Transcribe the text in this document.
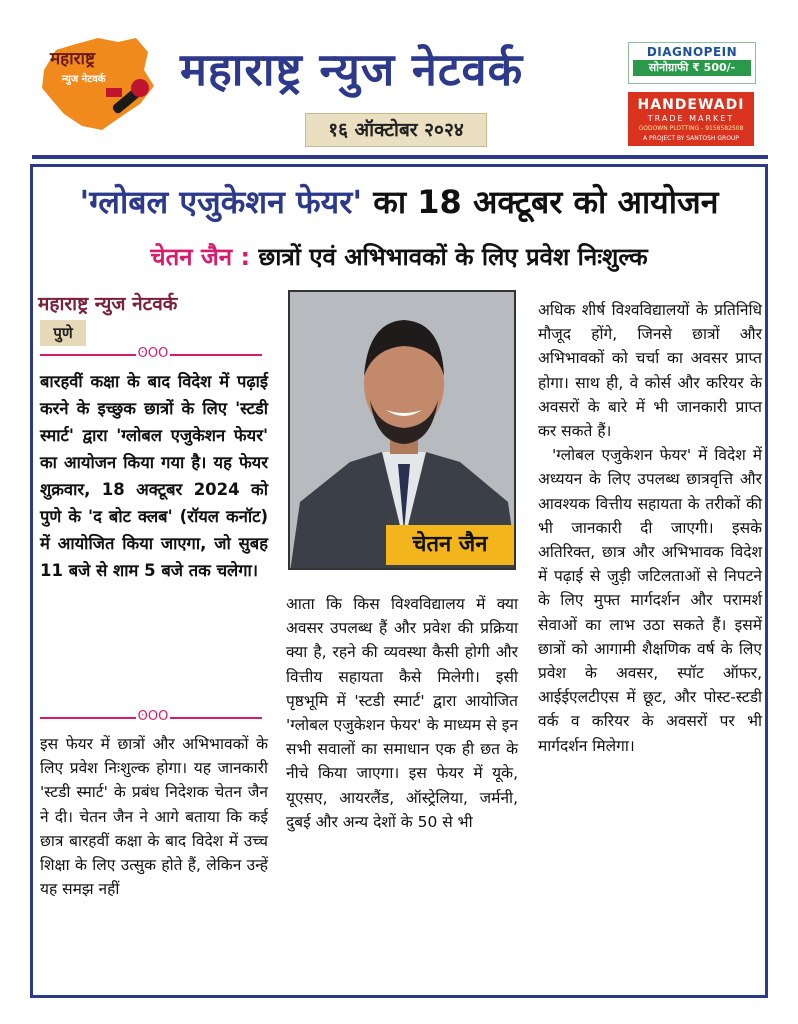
महाराष्ट्र
न्युज नेटवर्क महाराष्ट्र न्युज नेटवर्क
१६ ऑक्टोबर २०२४
DIAGNOPEIN
सोनोग्राफी ₹ 500/-
HANDEWADI
TRADE MARKET
GODOWN PLOTTING - 9158582508
A PROJECT BY SANTOSH GROUP
'ग्लोबल एजुकेशन फेयर' का 18 अक्टूबर को आयोजन
चेतन जैन : छात्रों एवं अभिभावकों के लिए प्रवेश निःशुल्क
महाराष्ट्र न्युज नेटवर्क
पुणे
ʘOO
बारहवीं कक्षा के बाद विदेश में पढ़ाई करने के इच्छुक छात्रों के लिए 'स्टडी स्मार्ट' द्वारा 'ग्लोबल एजुकेशन फेयर' का आयोजन किया गया है। यह फेयर शुक्रवार, 18 अक्टूबर 2024 को पुणे के 'द बोट क्लब' (रॉयल कनॉट) में आयोजित किया जाएगा, जो सुबह 11 बजे से शाम 5 बजे तक चलेगा।
ʘOO

इस फेयर में छात्रों और अभिभावकों के लिए प्रवेश निःशुल्क होगा। यह जानकारी 'स्टडी स्मार्ट' के प्रबंध निदेशक चेतन जैन ने दी। चेतन जैन ने आगे बताया कि कई छात्र बारहवीं कक्षा के बाद विदेश में उच्च शिक्षा के लिए उत्सुक होते हैं, लेकिन उन्हें यह समझ नहीं

चेतन जैन

आता कि किस विश्वविद्यालय में क्या अवसर उपलब्ध हैं और प्रवेश की प्रक्रिया क्या है, रहने की व्यवस्था कैसी होगी और वित्तीय सहायता कैसे मिलेगी। इसी पृष्ठभूमि में 'स्टडी स्मार्ट' द्वारा आयोजित 'ग्लोबल एजुकेशन फेयर' के माध्यम से इन सभी सवालों का समाधान एक ही छत के नीचे किया जाएगा। इस फेयर में यूके, यूएसए, आयरलैंड, ऑस्ट्रेलिया, जर्मनी, दुबई और अन्य देशों के 50 से भी

अधिक शीर्ष विश्वविद्यालयों के प्रतिनिधि मौजूद होंगे, जिनसे छात्रों और अभिभावकों को चर्चा का अवसर प्राप्त होगा। साथ ही, वे कोर्स और करियर के अवसरों के बारे में भी जानकारी प्राप्त कर सकते हैं।

'ग्लोबल एजुकेशन फेयर' में विदेश में अध्ययन के लिए उपलब्ध छात्रवृत्ति और आवश्यक वित्तीय सहायता के तरीकों की भी जानकारी दी जाएगी। इसके अतिरिक्त, छात्र और अभिभावक विदेश में पढ़ाई से जुड़ी जटिलताओं से निपटने के लिए मुफ्त मार्गदर्शन और परामर्श सेवाओं का लाभ उठा सकते हैं। इसमें छात्रों को आगामी शैक्षणिक वर्ष के लिए प्रवेश के अवसर, स्पॉट ऑफर, आईईएलटीएस में छूट, और पोस्ट-स्टडी वर्क व करियर के अवसरों पर भी मार्गदर्शन मिलेगा।
